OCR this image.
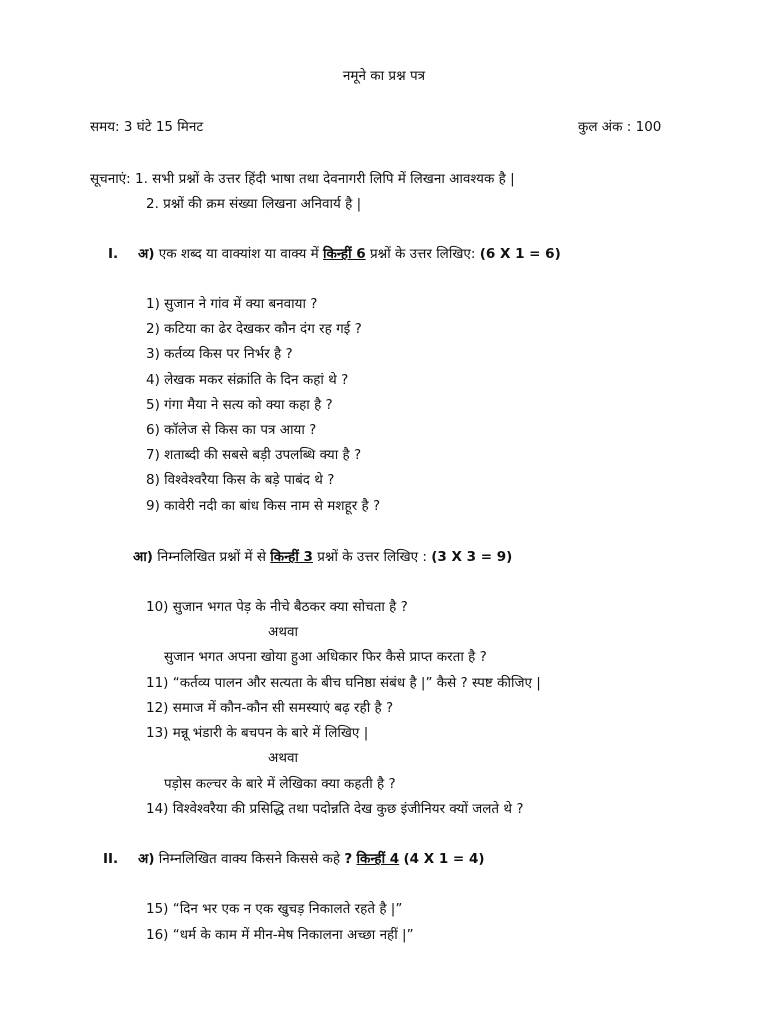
नमूने का प्रश्न पत्र
समय: 3 घंटे 15 मिनट	कुल अंक : 100
सूचनाएं: 1. सभी प्रश्नों के उत्तर हिंदी भाषा तथा देवनागरी लिपि में लिखना आवश्यक है |
2. प्रश्नों की क्रम संख्या लिखना अनिवार्य है |
I. अ) एक शब्द या वाक्यांश या वाक्य में किन्हीं 6 प्रश्नों के उत्तर लिखिए: (6 X 1 = 6)
1) सुजान ने गांव में क्या बनवाया ?
2) कटिया का ढेर देखकर कौन दंग रह गई ?
3) कर्तव्य किस पर निर्भर है ?
4) लेखक मकर संक्रांति के दिन कहां थे ?
5) गंगा मैया ने सत्य को क्या कहा है ?
6) कॉलेज से किस का पत्र आया ?
7) शताब्दी की सबसे बड़ी उपलब्धि क्या है ?
8) विश्वेश्वरैया किस के बड़े पाबंद थे ?
9) कावेरी नदी का बांध किस नाम से मशहूर है ?
आ) निम्नलिखित प्रश्नों में से किन्हीं 3 प्रश्नों के उत्तर लिखिए : (3 X 3 = 9)
10) सुजान भगत पेड़ के नीचे बैठकर क्या सोचता है ?
अथवा
सुजान भगत अपना खोया हुआ अधिकार फिर कैसे प्राप्त करता है ?
11) “कर्तव्य पालन और सत्यता के बीच घनिष्ठा संबंध है |” कैसे ? स्पष्ट कीजिए |
12) समाज में कौन-कौन सी समस्याएं बढ़ रही है ?
13) मन्नू भंडारी के बचपन के बारे में लिखिए |
अथवा
पड़ोस कल्चर के बारे में लेखिका क्या कहती है ?
14) विश्वेश्वरैया की प्रसिद्धि तथा पदोन्नति देख कुछ इंजीनियर क्यों जलते थे ?
II. अ) निम्नलिखित वाक्य किसने किससे कहे ? किन्हीं 4 (4 X 1 = 4)
15) “दिन भर एक न एक खुचड़ निकालते रहते है |”
16) “धर्म के काम में मीन-मेष निकालना अच्छा नहीं |”
